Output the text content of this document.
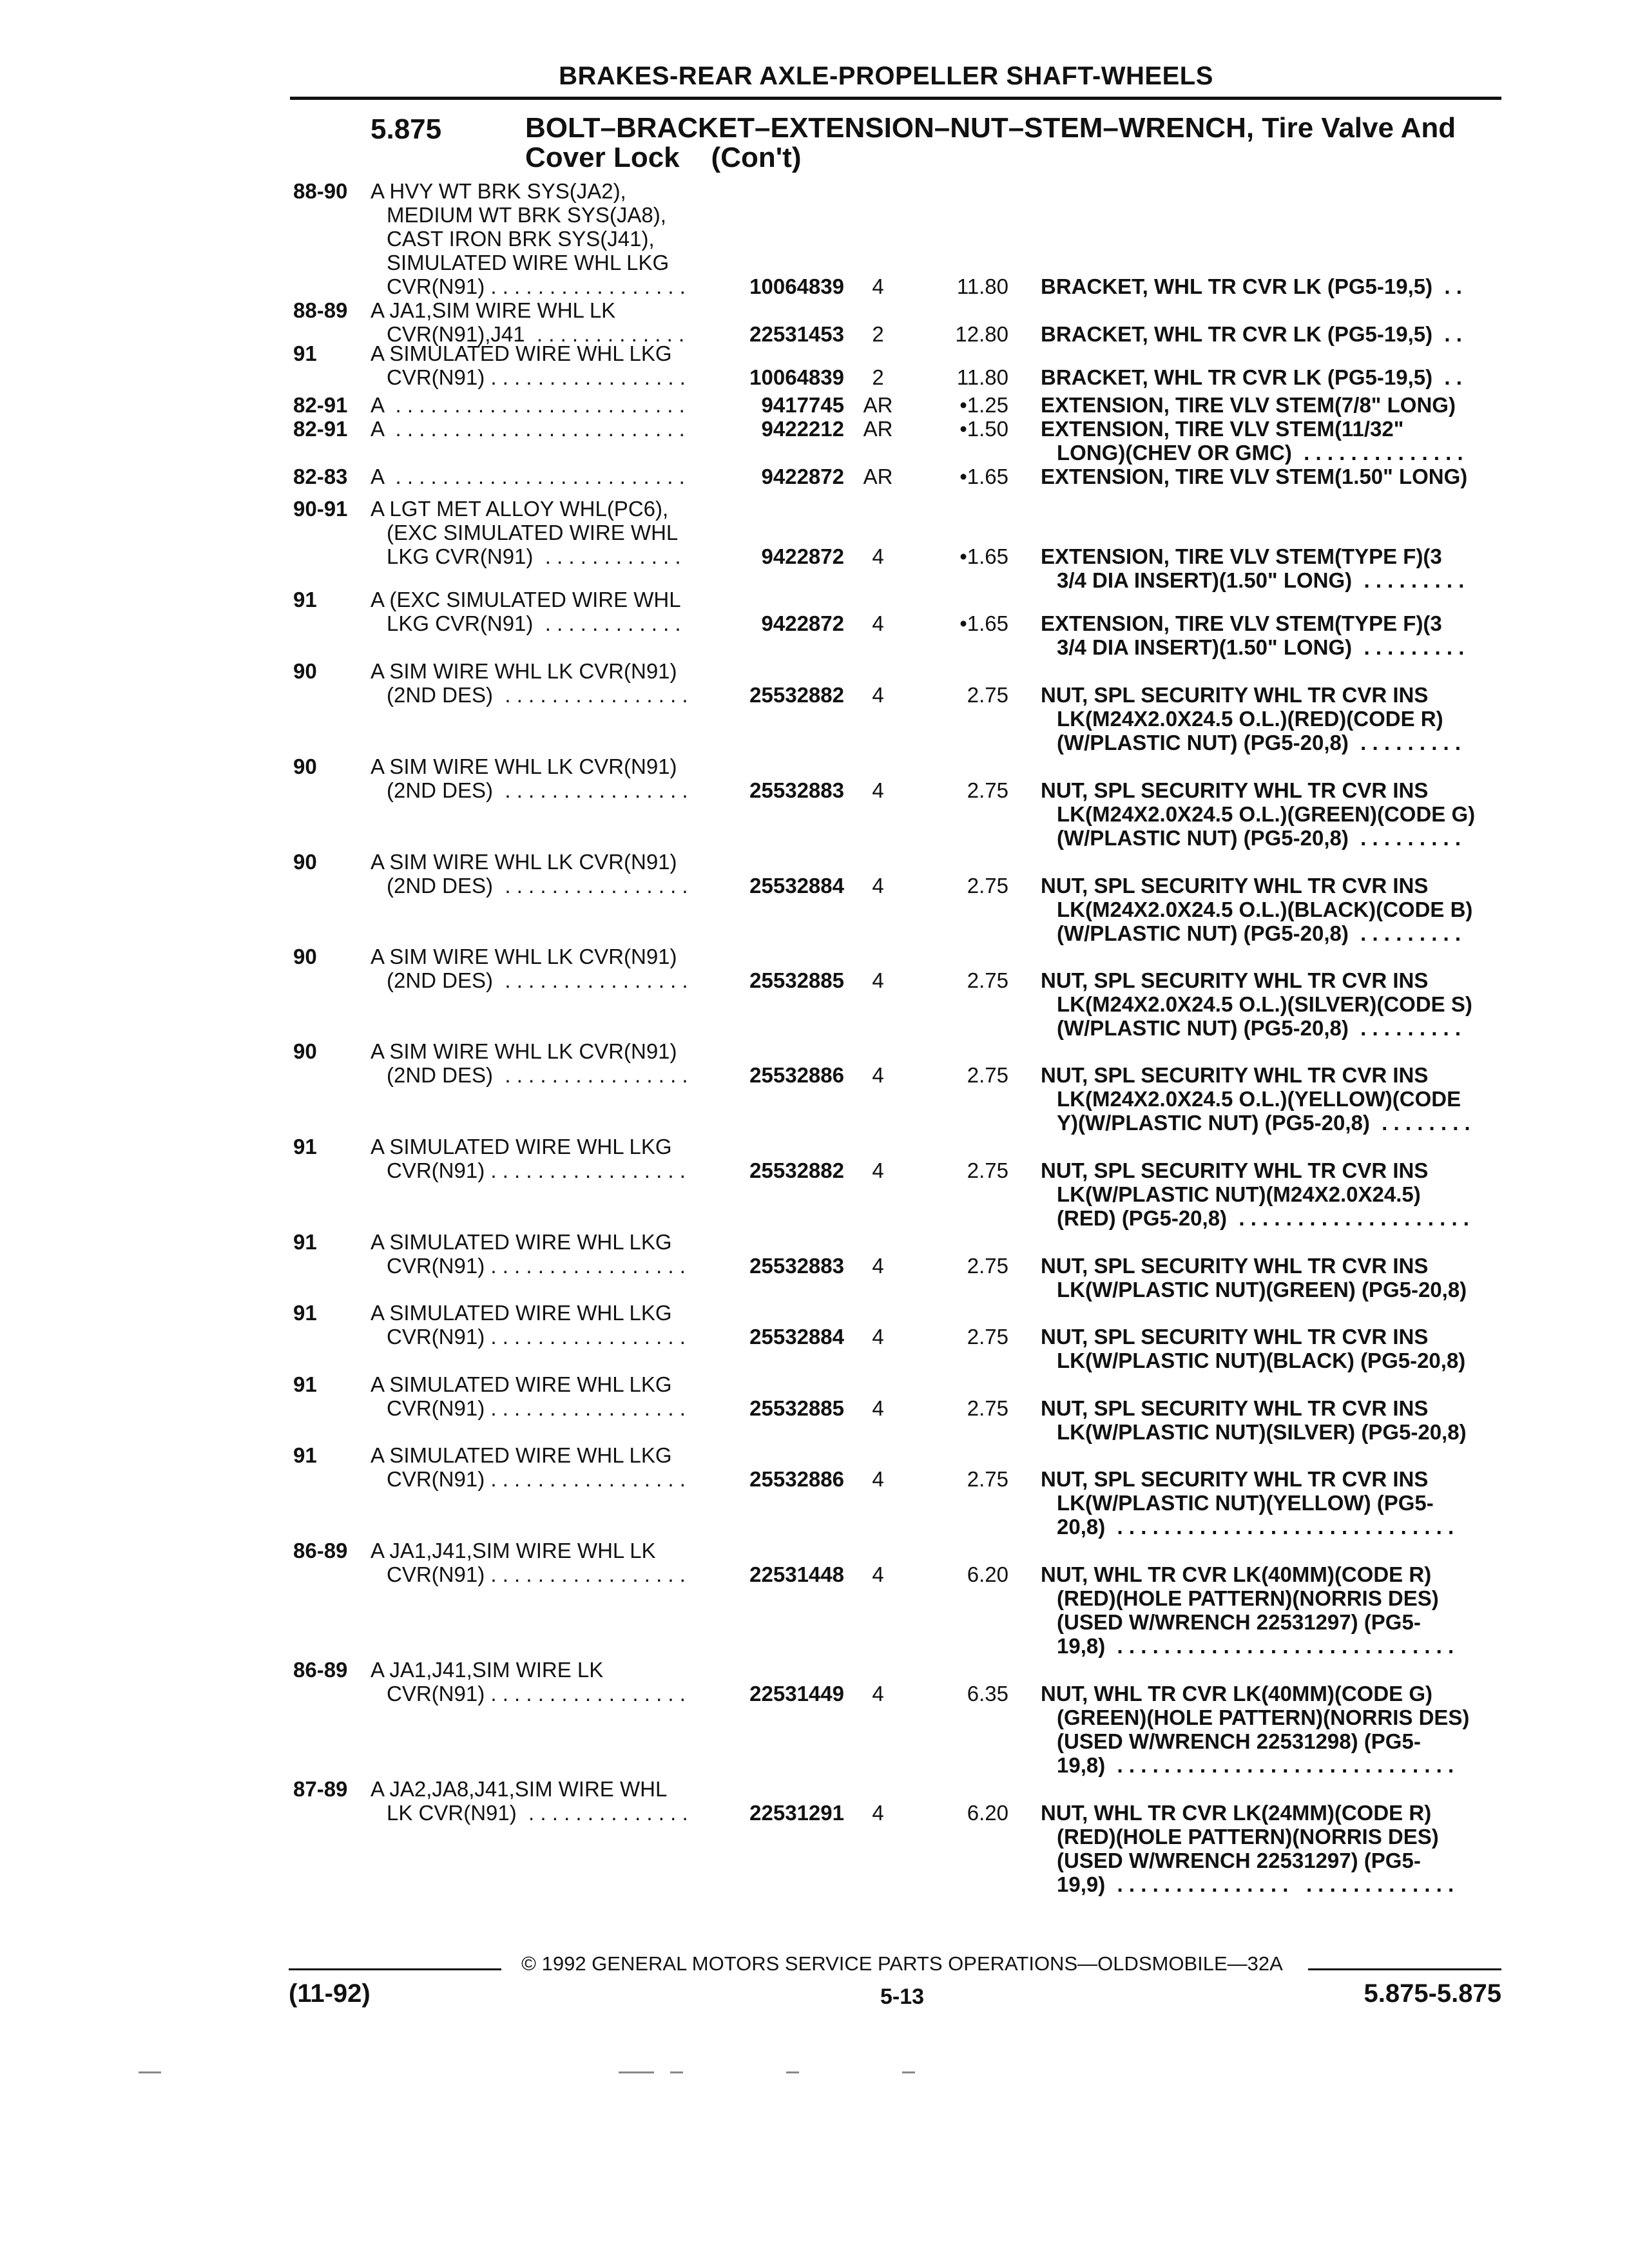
BRAKES-REAR AXLE-PROPELLER SHAFT-WHEELS
5.875	BOLT–BRACKET–EXTENSION–NUT–STEM–WRENCH, Tire Valve And
Cover Lock    (Con't)
88-90 A HVY WT BRK SYS(JA2),
MEDIUM WT BRK SYS(JA8),
CAST IRON BRK SYS(J41),
SIMULATED WIRE WHL LKG
CVR(N91) . . . . . . . . . . . . . . . . .	10064839	4	11.80 BRACKET, WHL TR CVR LK (PG5-19,5)  . .
88-89 A JA1,SIM WIRE WHL LK
CVR(N91),J41  . . . . . . . . . . . . .	22531453	2	12.80 BRACKET, WHL TR CVR LK (PG5-19,5)  . .
91	A SIMULATED WIRE WHL LKG
CVR(N91) . . . . . . . . . . . . . . . . .	10064839	2	11.80 BRACKET, WHL TR CVR LK (PG5-19,5)  . .
82-91 A  . . . . . . . . . . . . . . . . . . . . . . . . .	9417745 AR	•1.25 EXTENSION, TIRE VLV STEM(7/8" LONG)
82-91 A  . . . . . . . . . . . . . . . . . . . . . . . . .	9422212 AR	•1.50 EXTENSION, TIRE VLV STEM(11/32"
LONG)(CHEV OR GMC)  . . . . . . . . . . . . . .
82-83 A  . . . . . . . . . . . . . . . . . . . . . . . . .	9422872 AR	•1.65 EXTENSION, TIRE VLV STEM(1.50" LONG)
90-91 A LGT MET ALLOY WHL(PC6),
(EXC SIMULATED WIRE WHL
LKG CVR(N91)  . . . . . . . . . . . .	9422872	4	•1.65 EXTENSION, TIRE VLV STEM(TYPE F)(3
3/4 DIA INSERT)(1.50" LONG)  . . . . . . . . .
91	A (EXC SIMULATED WIRE WHL
LKG CVR(N91)  . . . . . . . . . . . .	9422872	4	•1.65 EXTENSION, TIRE VLV STEM(TYPE F)(3
3/4 DIA INSERT)(1.50" LONG)  . . . . . . . . .
90	A SIM WIRE WHL LK CVR(N91)
(2ND DES)  . . . . . . . . . . . . . . . .	25532882	4	2.75 NUT, SPL SECURITY WHL TR CVR INS
LK(M24X2.0X24.5 O.L.)(RED)(CODE R)
(W/PLASTIC NUT) (PG5-20,8)  . . . . . . . . .
90	A SIM WIRE WHL LK CVR(N91)
(2ND DES)  . . . . . . . . . . . . . . . .	25532883	4	2.75 NUT, SPL SECURITY WHL TR CVR INS
LK(M24X2.0X24.5 O.L.)(GREEN)(CODE G)
(W/PLASTIC NUT) (PG5-20,8)  . . . . . . . . .
90	A SIM WIRE WHL LK CVR(N91)
(2ND DES)  . . . . . . . . . . . . . . . .	25532884	4	2.75 NUT, SPL SECURITY WHL TR CVR INS
LK(M24X2.0X24.5 O.L.)(BLACK)(CODE B)
(W/PLASTIC NUT) (PG5-20,8)  . . . . . . . . .
90	A SIM WIRE WHL LK CVR(N91)
(2ND DES)  . . . . . . . . . . . . . . . .	25532885	4	2.75 NUT, SPL SECURITY WHL TR CVR INS
LK(M24X2.0X24.5 O.L.)(SILVER)(CODE S)
(W/PLASTIC NUT) (PG5-20,8)  . . . . . . . . .
90	A SIM WIRE WHL LK CVR(N91)
(2ND DES)  . . . . . . . . . . . . . . . .	25532886	4	2.75 NUT, SPL SECURITY WHL TR CVR INS
LK(M24X2.0X24.5 O.L.)(YELLOW)(CODE
Y)(W/PLASTIC NUT) (PG5-20,8)  . . . . . . . .
91	A SIMULATED WIRE WHL LKG
CVR(N91) . . . . . . . . . . . . . . . . .	25532882	4	2.75 NUT, SPL SECURITY WHL TR CVR INS
LK(W/PLASTIC NUT)(M24X2.0X24.5)
(RED) (PG5-20,8)  . . . . . . . . . . . . . . . . . . . .
91	A SIMULATED WIRE WHL LKG
CVR(N91) . . . . . . . . . . . . . . . . .	25532883	4	2.75 NUT, SPL SECURITY WHL TR CVR INS
LK(W/PLASTIC NUT)(GREEN) (PG5-20,8)
91	A SIMULATED WIRE WHL LKG
CVR(N91) . . . . . . . . . . . . . . . . .	25532884	4	2.75 NUT, SPL SECURITY WHL TR CVR INS
LK(W/PLASTIC NUT)(BLACK) (PG5-20,8)
91	A SIMULATED WIRE WHL LKG
CVR(N91) . . . . . . . . . . . . . . . . .	25532885	4	2.75 NUT, SPL SECURITY WHL TR CVR INS
LK(W/PLASTIC NUT)(SILVER) (PG5-20,8)
91	A SIMULATED WIRE WHL LKG
CVR(N91) . . . . . . . . . . . . . . . . .	25532886	4	2.75 NUT, SPL SECURITY WHL TR CVR INS
LK(W/PLASTIC NUT)(YELLOW) (PG5-
20,8)  . . . . . . . . . . . . . . . . . . . . . . . . . . . . .
86-89 A JA1,J41,SIM WIRE WHL LK
CVR(N91) . . . . . . . . . . . . . . . . .	22531448	4	6.20 NUT, WHL TR CVR LK(40MM)(CODE R)
(RED)(HOLE PATTERN)(NORRIS DES)
(USED W/WRENCH 22531297) (PG5-
19,8)  . . . . . . . . . . . . . . . . . . . . . . . . . . . . .
86-89 A JA1,J41,SIM WIRE LK
CVR(N91) . . . . . . . . . . . . . . . . .	22531449	4	6.35 NUT, WHL TR CVR LK(40MM)(CODE G)
(GREEN)(HOLE PATTERN)(NORRIS DES)
(USED W/WRENCH 22531298) (PG5-
19,8)  . . . . . . . . . . . . . . . . . . . . . . . . . . . . .
87-89 A JA2,JA8,J41,SIM WIRE WHL
LK CVR(N91)  . . . . . . . . . . . . . .	22531291	4	6.20 NUT, WHL TR CVR LK(24MM)(CODE R)
(RED)(HOLE PATTERN)(NORRIS DES)
(USED W/WRENCH 22531297) (PG5-
19,9)  . . . . . . . . . . . . . . .   . . . . . . . . . . . . .
© 1992 GENERAL MOTORS SERVICE PARTS OPERATIONS—OLDSMOBILE—32A
(11-92)	5-13	5.875-5.875
